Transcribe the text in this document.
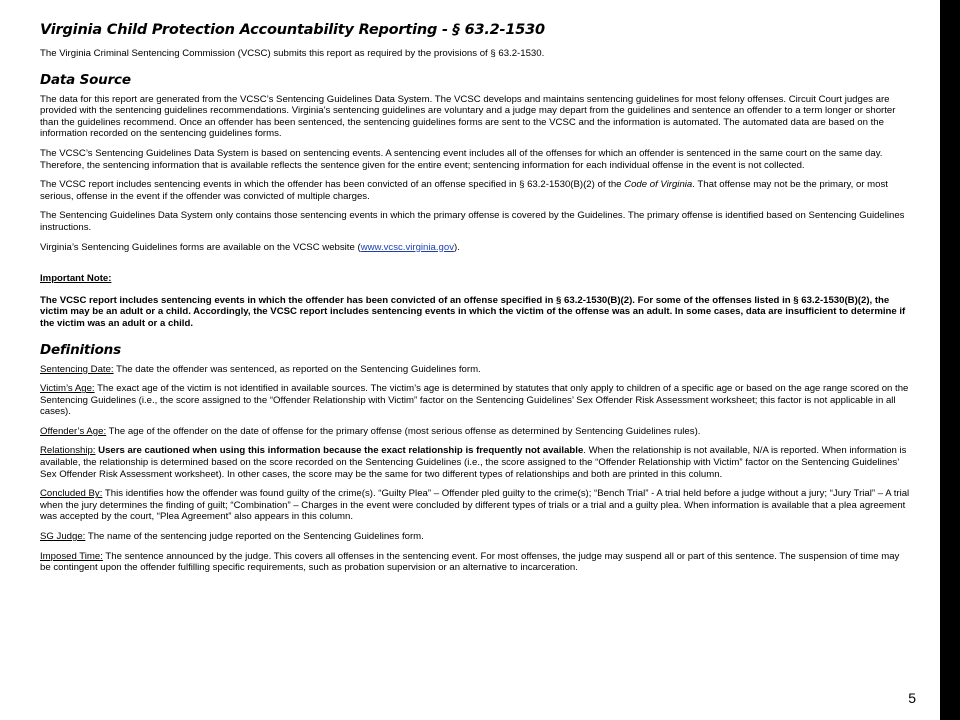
Virginia Child Protection Accountability Reporting - § 63.2-1530

The Virginia Criminal Sentencing Commission (VCSC) submits this report as required by the provisions of § 63.2-1530.

Data Source

The data for this report are generated from the VCSC’s Sentencing Guidelines Data System. The VCSC develops and maintains sentencing guidelines for most felony offenses. Circuit Court judges are provided with the sentencing guidelines recommendations. Virginia’s sentencing guidelines are voluntary and a judge may depart from the guidelines and sentence an offender to a term longer or shorter than the guidelines recommend. Once an offender has been sentenced, the sentencing guidelines forms are sent to the VCSC and the information is automated. The automated data are based on the information recorded on the sentencing guidelines forms.

The VCSC’s Sentencing Guidelines Data System is based on sentencing events. A sentencing event includes all of the offenses for which an offender is sentenced in the same court on the same day. Therefore, the sentencing information that is available reflects the sentence given for the entire event; sentencing information for each individual offense in the event is not collected.

The VCSC report includes sentencing events in which the offender has been convicted of an offense specified in § 63.2-1530(B)(2) of the Code of Virginia. That offense may not be the primary, or most serious, offense in the event if the offender was convicted of multiple charges.

The Sentencing Guidelines Data System only contains those sentencing events in which the primary offense is covered by the Guidelines. The primary offense is identified based on Sentencing Guidelines instructions.

Virginia’s Sentencing Guidelines forms are available on the VCSC website (www.vcsc.virginia.gov).

Important Note:

The VCSC report includes sentencing events in which the offender has been convicted of an offense specified in § 63.2-1530(B)(2). For some of the offenses listed in § 63.2-1530(B)(2), the victim may be an adult or a child. Accordingly, the VCSC report includes sentencing events in which the victim of the offense was an adult. In some cases, data are insufficient to determine if the victim was an adult or a child.

Definitions

Sentencing Date: The date the offender was sentenced, as reported on the Sentencing Guidelines form.

Victim’s Age: The exact age of the victim is not identified in available sources. The victim’s age is determined by statutes that only apply to children of a specific age or based on the age range scored on the Sentencing Guidelines (i.e., the score assigned to the “Offender Relationship with Victim” factor on the Sentencing Guidelines’ Sex Offender Risk Assessment worksheet; this factor is not applicable in all cases).

Offender’s Age: The age of the offender on the date of offense for the primary offense (most serious offense as determined by Sentencing Guidelines rules).

Relationship: Users are cautioned when using this information because the exact relationship is frequently not available. When the relationship is not available, N/A is reported. When information is available, the relationship is determined based on the score recorded on the Sentencing Guidelines (i.e., the score assigned to the “Offender Relationship with Victim” factor on the Sentencing Guidelines’ Sex Offender Risk Assessment worksheet). In other cases, the score may be the same for two different types of relationships and both are printed in this column.

Concluded By: This identifies how the offender was found guilty of the crime(s). “Guilty Plea” – Offender pled guilty to the crime(s); “Bench Trial” - A trial held before a judge without a jury; “Jury Trial” – A trial when the jury determines the finding of guilt; “Combination” – Charges in the event were concluded by different types of trials or a trial and a guilty plea. When information is available that a plea agreement was accepted by the court, “Plea Agreement” also appears in this column.

SG Judge: The name of the sentencing judge reported on the Sentencing Guidelines form.

Imposed Time: The sentence announced by the judge. This covers all offenses in the sentencing event. For most offenses, the judge may suspend all or part of this sentence. The suspension of time may be contingent upon the offender fulfilling specific requirements, such as probation supervision or an alternative to incarceration.

5
